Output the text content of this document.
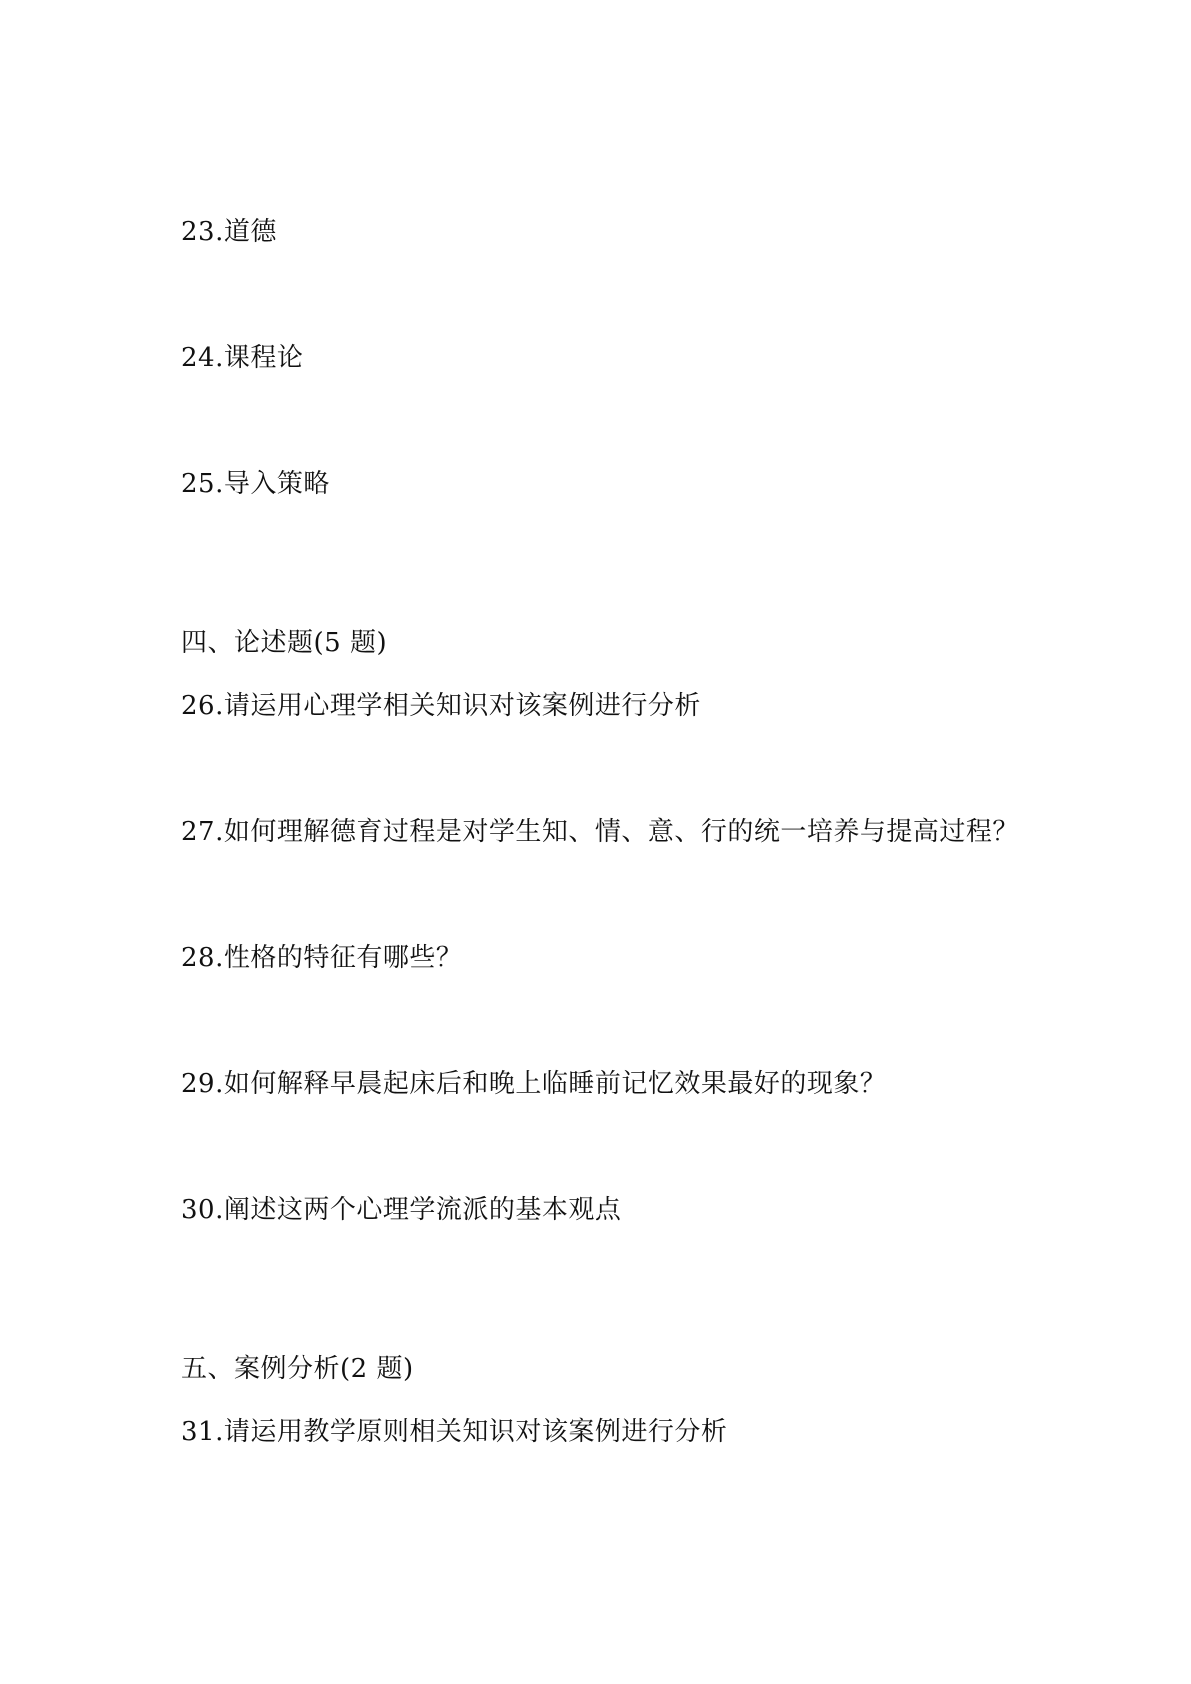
23.道德
24.课程论
25.导入策略
四、论述题(5 题)
26.请运用心理学相关知识对该案例进行分析
27.如何理解德育过程是对学生知、情、意、行的统一培养与提高过程？
28.性格的特征有哪些？
29.如何解释早晨起床后和晚上临睡前记忆效果最好的现象？
30.阐述这两个心理学流派的基本观点
五、案例分析(2 题)
31.请运用教学原则相关知识对该案例进行分析
